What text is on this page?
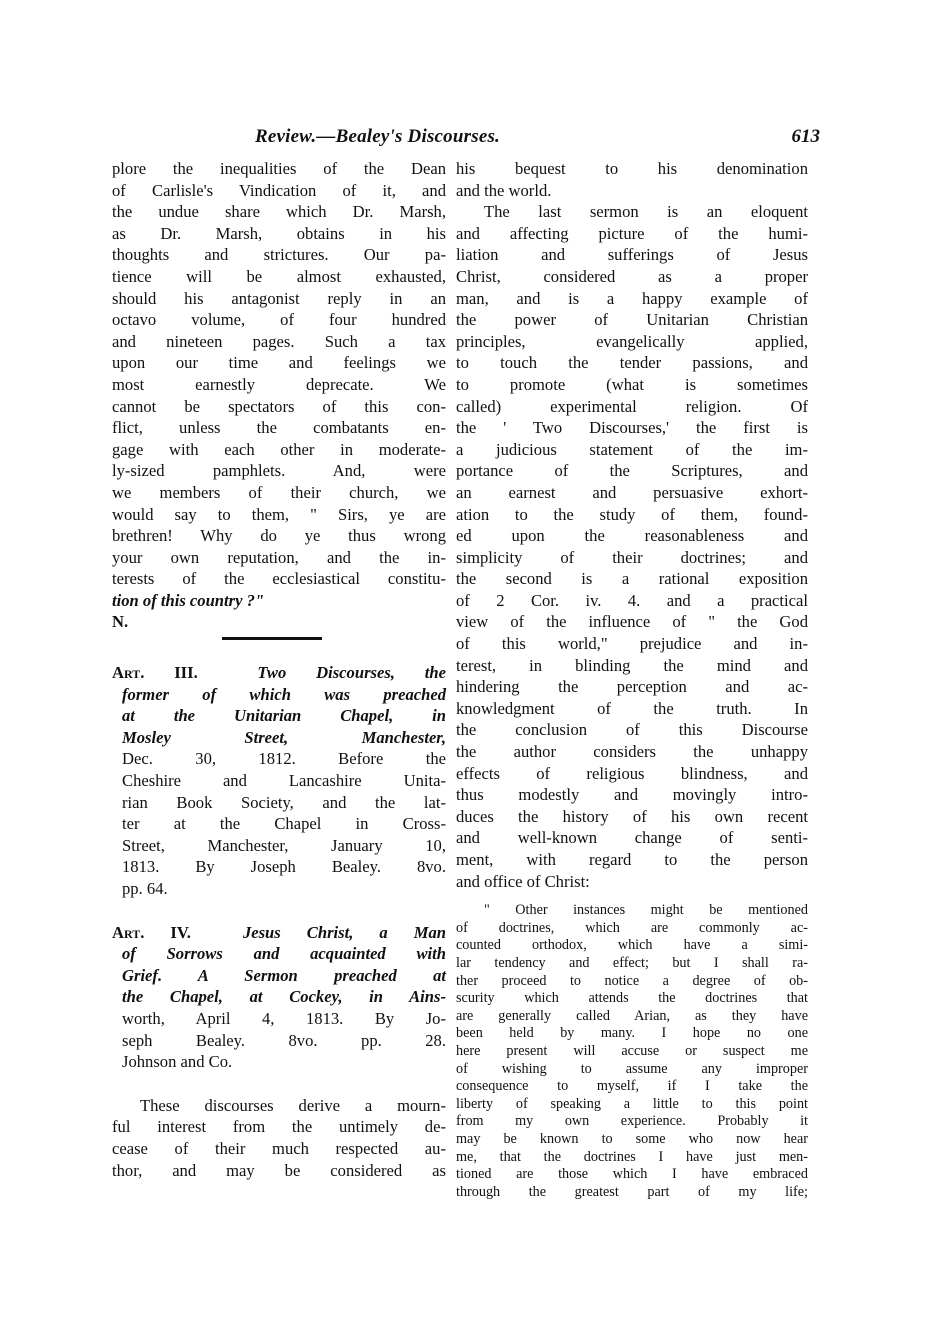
Review.—Bealey's Discourses.	613
plore the inequalities of the Dean
of Carlisle's Vindication of it, and
the undue share which Dr. Marsh,
as Dr. Marsh, obtains in his
thoughts and strictures. Our pa-
tience will be almost exhausted,
should his antagonist reply in an
octavo volume, of four hundred
and nineteen pages. Such a tax
upon our time and feelings we
most earnestly deprecate. We
cannot be spectators of this con-
flict, unless the combatants en-
gage with each other in moderate-
ly-sized pamphlets. And, were
we members of their church, we
would say to them, " Sirs, ye are
brethren! Why do ye thus wrong
your own reputation, and the in-
terests of the ecclesiastical constitu-
tion of this country ?"
N.
Art. III.	Two Discourses, the
former of which was preached
at the Unitarian Chapel, in
Mosley Street, Manchester,
Dec. 30, 1812. Before the
Cheshire and Lancashire Unita-
rian Book Society, and the lat-
ter at the Chapel in Cross-
Street, Manchester, January 10,
1813. By Joseph Bealey. 8vo.
pp. 64.
Art. IV.	Jesus Christ, a Man
of Sorrows and acquainted with
Grief. A Sermon preached at
the Chapel, at Cockey, in Ains-
worth, April 4, 1813. By Jo-
seph Bealey. 8vo. pp. 28.
Johnson and Co.
These discourses derive a mourn-
ful interest from the untimely de-
cease of their much respected au-
thor, and may be considered as
his bequest to his denomination
and the world.
The last sermon is an eloquent
and affecting picture of the humi-
liation and sufferings of Jesus
Christ, considered as a proper
man, and is a happy example of
the power of Unitarian Christian
principles, evangelically applied,
to touch the tender passions, and
to promote (what is sometimes
called) experimental religion. Of
the ' Two Discourses,' the first is
a judicious statement of the im-
portance of the Scriptures, and
an earnest and persuasive exhort-
ation to the study of them, found-
ed upon the reasonableness and
simplicity of their doctrines; and
the second is a rational exposition
of 2 Cor. iv. 4. and a practical
view of the influence of " the God
of this world," prejudice and in-
terest, in blinding the mind and
hindering the perception and ac-
knowledgment of the truth. In
the conclusion of this Discourse
the author considers the unhappy
effects of religious blindness, and
thus modestly and movingly intro-
duces the history of his own recent
and well-known change of senti-
ment, with regard to the person
and office of Christ:
" Other instances might be mentioned
of doctrines, which are commonly ac-
counted orthodox, which have a simi-
lar tendency and effect; but I shall ra-
ther proceed to notice a degree of ob-
scurity which attends the doctrines that
are generally called Arian, as they have
been held by many. I hope no one
here present will accuse or suspect me
of wishing to assume any improper
consequence to myself, if I take the
liberty of speaking a little to this point
from my own experience. Probably it
may be known to some who now hear
me, that the doctrines I have just men-
tioned are those which I have embraced
through the greatest part of my life;
